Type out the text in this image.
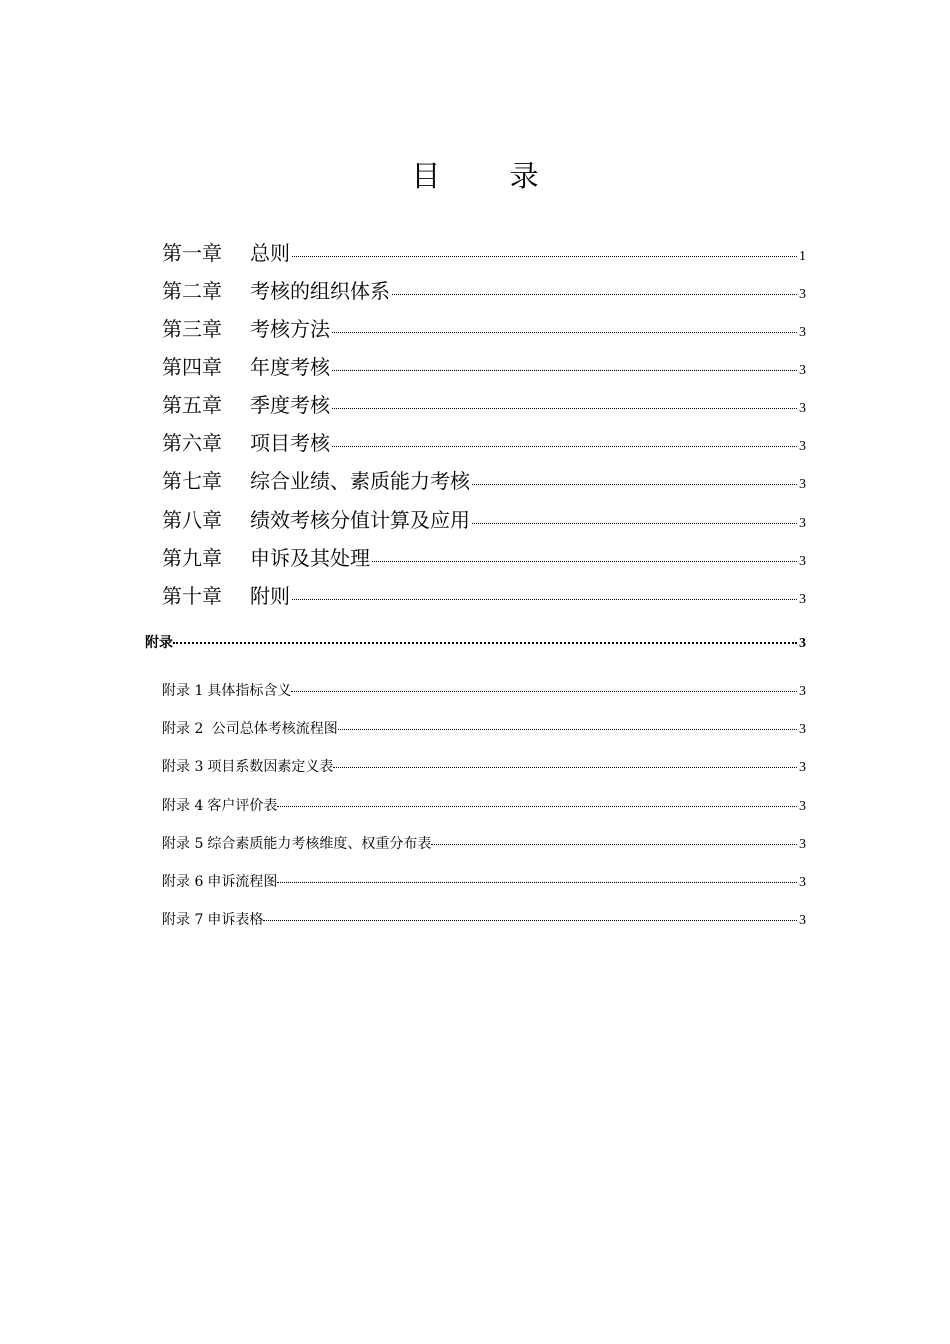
目 录
第一章 总则	1
第二章 考核的组织体系	3
第三章 考核方法	3
第四章 年度考核	3
第五章 季度考核	3
第六章 项目考核	3
第七章 综合业绩、素质能力考核	3
第八章 绩效考核分值计算及应用	3
第九章 申诉及其处理	3
第十章 附则	3
附录	3
附录 1 具体指标含义	3
附录 2 公司总体考核流程图	3
附录 3 项目系数因素定义表	3
附录 4 客户评价表	3
附录 5 综合素质能力考核维度、权重分布表	3
附录 6 申诉流程图	3
附录 7 申诉表格	3
